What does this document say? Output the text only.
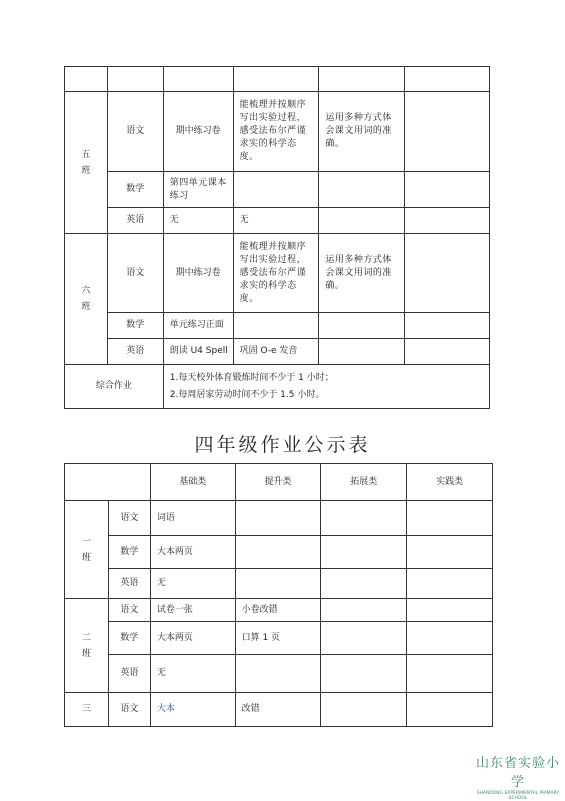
五
班	语文	期中练习卷	能梳理并按顺序写出实验过程，感受法布尔严谨求实的科学态度。	运用多种方式体会课文用词的准确。	
	数学	第四单元课本练习			
	英语	无	无		
六
班	语文	期中练习卷	能梳理并按顺序写出实验过程，感受法布尔严谨求实的科学态度。	运用多种方式体会课文用词的准确。	
	数学	单元练习正面			
	英语	朗读 U4 Spell	巩固 O-e 发音		
综合作业		1.每天校外体育锻炼时间不少于 1 小时；
2.每周居家劳动时间不少于 1.5 小时。			
四年级作业公示表
		基础类	提升类	拓展类	实践类
一
班	语文	词语			
	数学	大本两页			
	英语	无			
二
班	语文	试卷一张	小卷改错		
	数学	大本两页	口算 1 页		
	英语	无			
三	语文	大本	改错		
山东省实验小学
SHANDONG EXPERIMENTAL PRIMARY SCHOOL
